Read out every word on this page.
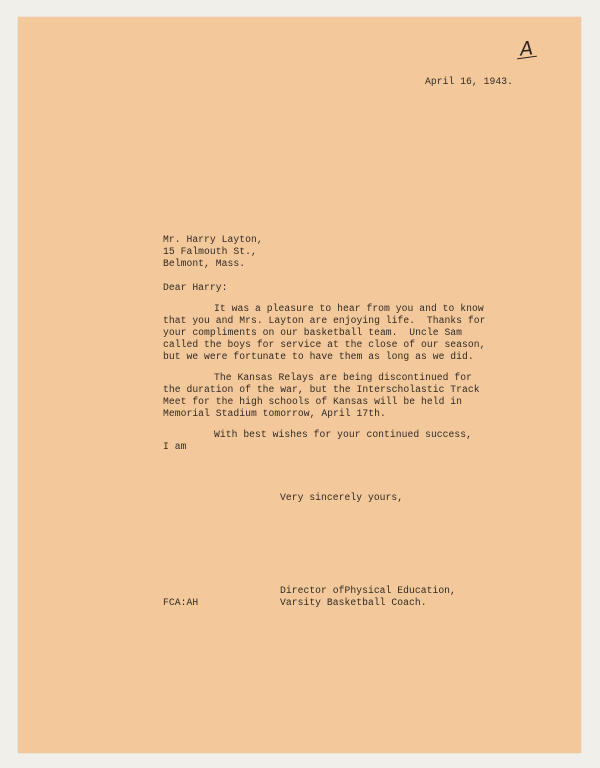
A
April 16, 1943.
Mr. Harry Layton,
15 Falmouth St.,
Belmont, Mass.
Dear Harry:
It was a pleasure to hear from you and to know
that you and Mrs. Layton are enjoying life.  Thanks for
your compliments on our basketball team.  Uncle Sam
called the boys for service at the close of our season,
but we were fortunate to have them as long as we did.
The Kansas Relays are being discontinued for
the duration of the war, but the Interscholastic Track
Meet for the high schools of Kansas will be held in
Memorial Stadium tomorrow, April 17th.
With best wishes for your continued success,
I am
Very sincerely yours,
Director ofPhysical Education,
Varsity Basketball Coach.
FCA:AH
